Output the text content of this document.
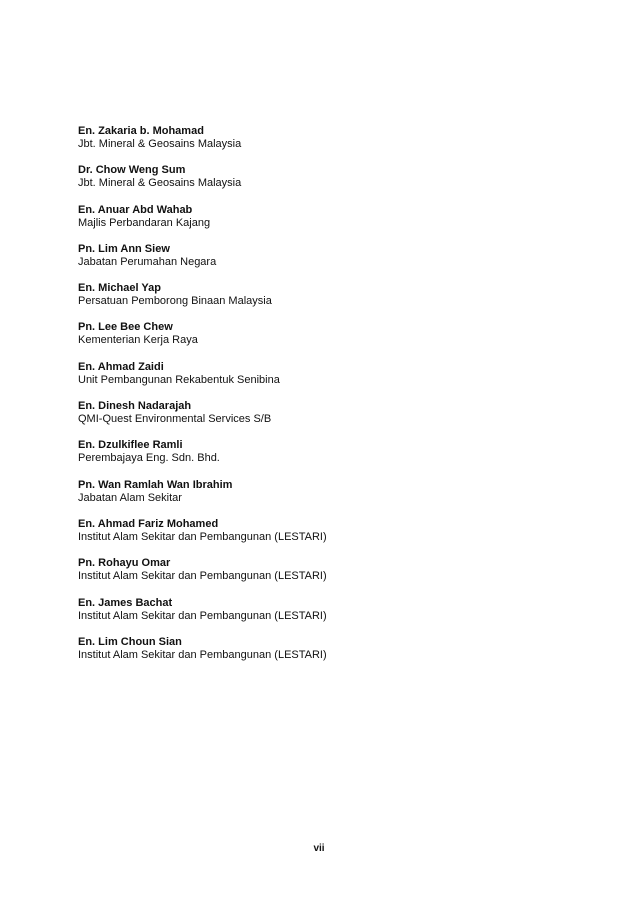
En. Zakaria b. Mohamad
Jbt. Mineral & Geosains Malaysia
Dr. Chow Weng Sum
Jbt. Mineral & Geosains Malaysia
En. Anuar Abd Wahab
Majlis Perbandaran Kajang
Pn. Lim Ann Siew
Jabatan Perumahan Negara
En. Michael Yap
Persatuan Pemborong Binaan Malaysia
Pn. Lee Bee Chew
Kementerian Kerja Raya
En. Ahmad Zaidi
Unit Pembangunan Rekabentuk Senibina
En. Dinesh Nadarajah
QMI-Quest Environmental Services S/B
En. Dzulkiflee Ramli
Perembajaya Eng. Sdn. Bhd.
Pn. Wan Ramlah Wan Ibrahim
Jabatan Alam Sekitar
En. Ahmad Fariz Mohamed
Institut Alam Sekitar dan Pembangunan (LESTARI)
Pn. Rohayu Omar
Institut Alam Sekitar dan Pembangunan (LESTARI)
En. James Bachat
Institut Alam Sekitar dan Pembangunan (LESTARI)
En. Lim Choun Sian
Institut Alam Sekitar dan Pembangunan (LESTARI)
vii
